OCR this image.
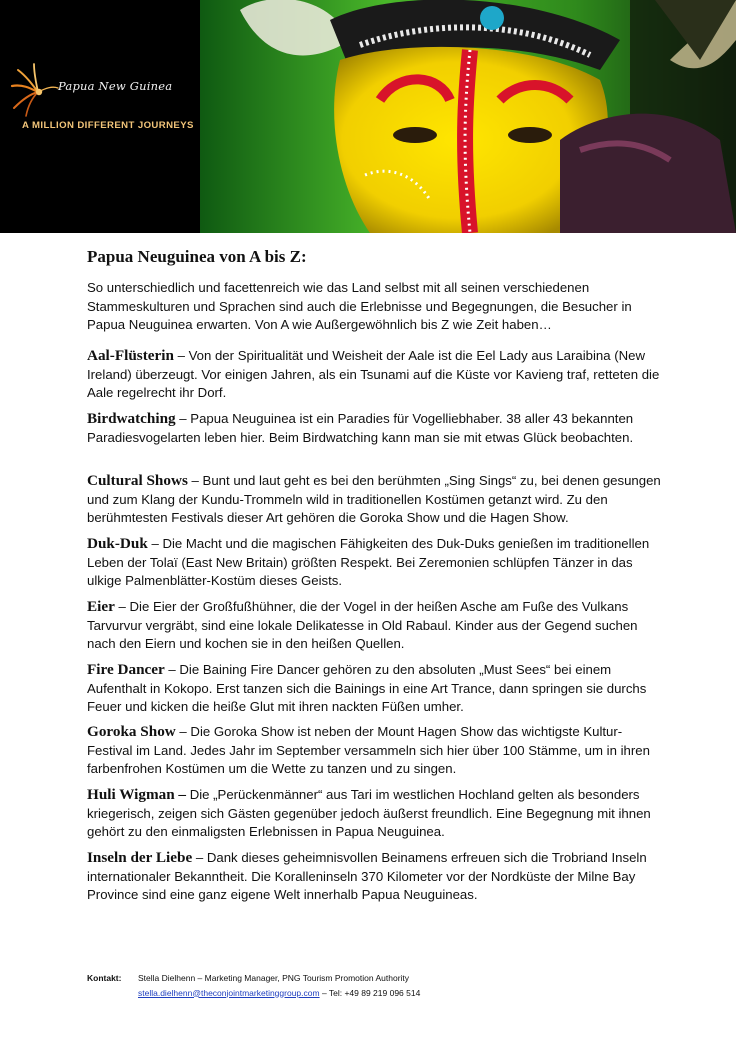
Papua New Guinea
A MILLION DIFFERENT JOURNEYS
Papua Neuguinea von A bis Z:

So unterschiedlich und facettenreich wie das Land selbst mit all seinen verschiedenen Stammeskulturen und Sprachen sind auch die Erlebnisse und Begegnungen, die Besucher in Papua Neuguinea erwarten. Von A wie Außergewöhnlich bis Z wie Zeit haben…

Aal-Flüsterin – Von der Spiritualität und Weisheit der Aale ist die Eel Lady aus Laraibina (New Ireland) überzeugt. Vor einigen Jahren, als ein Tsunami auf die Küste vor Kavieng traf, retteten die Aale regelrecht ihr Dorf.

Birdwatching – Papua Neuguinea ist ein Paradies für Vogelliebhaber. 38 aller 43 bekannten Paradiesvogelarten leben hier. Beim Birdwatching kann man sie mit etwas Glück beobachten.

Cultural Shows – Bunt und laut geht es bei den berühmten „Sing Sings“ zu, bei denen gesungen und zum Klang der Kundu-Trommeln wild in traditionellen Kostümen getanzt wird. Zu den berühmtesten Festivals dieser Art gehören die Goroka Show und die Hagen Show.

Duk-Duk – Die Macht und die magischen Fähigkeiten des Duk-Duks genießen im traditionellen Leben der Tolaï (East New Britain) größten Respekt. Bei Zeremonien schlüpfen Tänzer in das ulkige Palmenblätter-Kostüm dieses Geists.

Eier – Die Eier der Großfußhühner, die der Vogel in der heißen Asche am Fuße des Vulkans Tarvurvur vergräbt, sind eine lokale Delikatesse in Old Rabaul. Kinder aus der Gegend suchen nach den Eiern und kochen sie in den heißen Quellen.

Fire Dancer – Die Baining Fire Dancer gehören zu den absoluten „Must Sees“ bei einem Aufenthalt in Kokopo. Erst tanzen sich die Bainings in eine Art Trance, dann springen sie durchs Feuer und kicken die heiße Glut mit ihren nackten Füßen umher.

Goroka Show – Die Goroka Show ist neben der Mount Hagen Show das wichtigste Kultur-Festival im Land. Jedes Jahr im September versammeln sich hier über 100 Stämme, um in ihren farbenfrohen Kostümen um die Wette zu tanzen und zu singen.

Huli Wigman – Die „Perückenmänner“ aus Tari im westlichen Hochland gelten als besonders kriegerisch, zeigen sich Gästen gegenüber jedoch äußerst freundlich. Eine Begegnung mit ihnen gehört zu den einmaligsten Erlebnissen in Papua Neuguinea.

Inseln der Liebe – Dank dieses geheimnisvollen Beinamens erfreuen sich die Trobriand Inseln internationaler Bekanntheit. Die Koralleninseln 370 Kilometer vor der Nordküste der Milne Bay Province sind eine ganz eigene Welt innerhalb Papua Neuguineas.

Kontakt: Stella Dielhenn – Marketing Manager, PNG Tourism Promotion Authority
stella.dielhenn@theconjointmarketinggroup.com – Tel: +49 89 219 096 514
